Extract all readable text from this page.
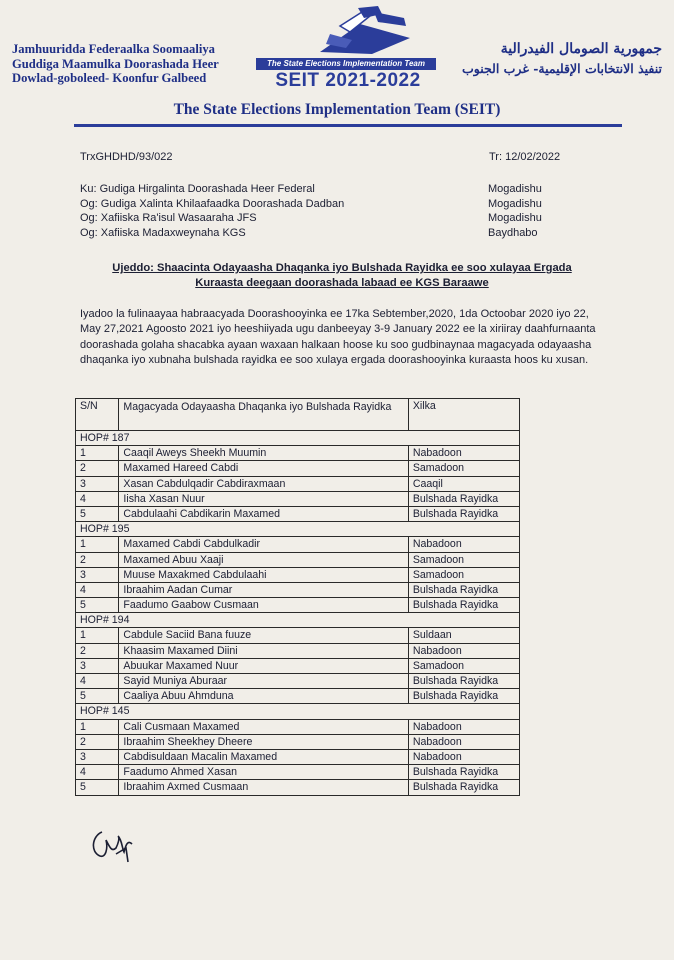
Jamhuuridda Federaalka Soomaaliya
Guddiga Maamulka Doorashada Heer
Dowlad-goboleed- Koonfur Galbeed
The State Elections Implementation Team
SEIT 2021-2022
جمهورية الصومال الفيدرالية
تنفيذ الانتخابات الإقليمية- غرب الجنوب
The State Elections Implementation Team (SEIT)
TrxGHDHD/93/022	Tr: 12/02/2022
Ku: Gudiga Hirgalinta Doorashada Heer Federal	Mogadishu
Og: Gudiga Xalinta Khilaafaadka Doorashada Dadban	Mogadishu
Og: Xafiiska Ra'isul Wasaaraha JFS	Mogadishu
Og: Xafiiska Madaxweynaha KGS	Baydhabo
Ujeddo: Shaacinta Odayaasha Dhaqanka iyo Bulshada Rayidka ee soo xulayaa Ergada
Kuraasta deegaan doorashada labaad ee KGS Baraawe
Iyadoo la fulinaayaa habraacyada Doorashooyinka ee 17ka Sebtember,2020, 1da Octoobar 2020 iyo 22, May 27,2021 Agoosto 2021 iyo heeshiiyada ugu danbeeyay 3-9 January 2022 ee la xiriiray daahfurnaanta doorashada golaha shacabka ayaan waxaan halkaan hoose ku soo gudbinaynaa magacyada odayaasha dhaqanka iyo xubnaha bulshada rayidka ee soo xulaya ergada doorashooyinka kuraasta hoos ku xusan.
S/N	Magacyada Odayaasha Dhaqanka iyo Bulshada Rayidka	Xilka
HOP# 187		
1	Caaqil Aweys Sheekh Muumin	Nabadoon
2	Maxamed Hareed Cabdi	Samadoon
3	Xasan Cabdulqadir Cabdiraxmaan	Caaqil
4	Iisha Xasan Nuur	Bulshada Rayidka
5	Cabdulaahi Cabdikarin Maxamed	Bulshada Rayidka
HOP# 195		
1	Maxamed Cabdi Cabdulkadir	Nabadoon
2	Maxamed Abuu Xaaji	Samadoon
3	Muuse Maxakmed Cabdulaahi	Samadoon
4	Ibraahim Aadan Cumar	Bulshada Rayidka
5	Faadumo Gaabow Cusmaan	Bulshada Rayidka
HOP# 194		
1	Cabdule Saciid Bana fuuze	Suldaan
2	Khaasim Maxamed Diini	Nabadoon
3	Abuukar Maxamed Nuur	Samadoon
4	Sayid Muniya Aburaar	Bulshada Rayidka
5	Caaliya Abuu Ahmduna	Bulshada Rayidka
HOP# 145		
1	Cali Cusmaan Maxamed	Nabadoon
2	Ibraahim Sheekhey Dheere	Nabadoon
3	Cabdisuldaan Macalin Maxamed	Nabadoon
4	Faadumo Ahmed Xasan	Bulshada Rayidka
5	Ibraahim Axmed Cusmaan	Bulshada Rayidka
